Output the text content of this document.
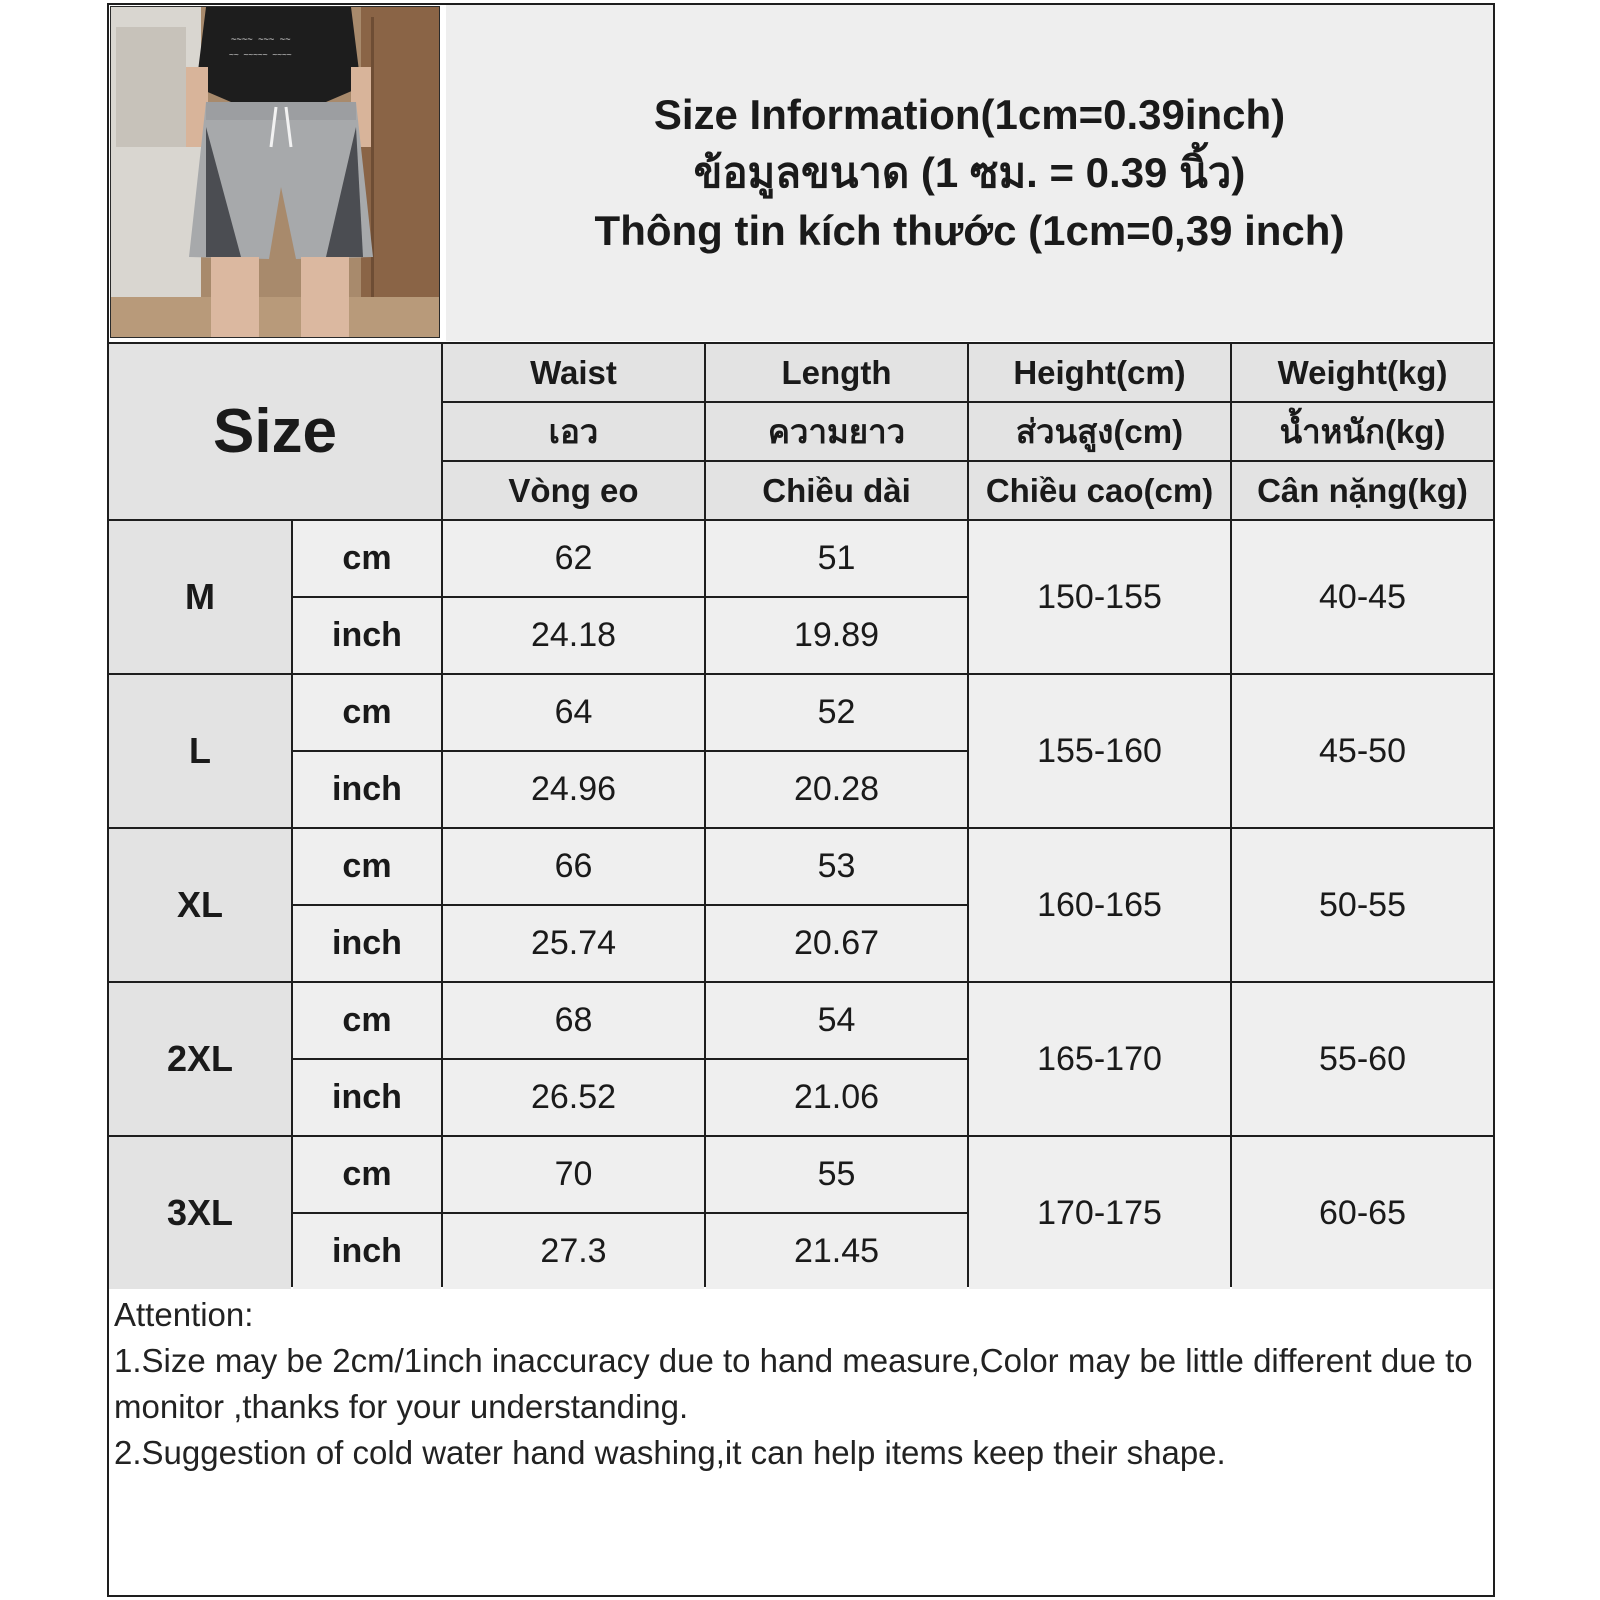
~~~~ ~~~ ~~
~~ ~~~~~ ~~~~
Size Information(1cm=0.39inch)
ข้อมูลขนาด (1 ซม. = 0.39 นิ้ว)
Thông tin kích thước (1cm=0,39 inch)
Size
Waist	Length	Height(cm)	Weight(kg)
เอว	ความยาว	ส่วนสูง(cm)	น้ำหนัก(kg)
Vòng eo	Chiều dài	Chiều cao(cm)	Cân nặng(kg)
M
cm	62	51
150-155	40-45
inch	24.18	19.89
L
cm	64	52
155-160	45-50
inch	24.96	20.28
XL
cm	66	53
160-165	50-55
inch	25.74	20.67
2XL
cm	68	54
165-170	55-60
inch	26.52	21.06
3XL
cm	70	55
170-175	60-65
inch	27.3	21.45
Attention:
1.Size may be 2cm/1inch inaccuracy due to hand measure,Color may be little different due to monitor ,thanks for your understanding.
2.Suggestion of cold water hand washing,it can help items keep their shape.
